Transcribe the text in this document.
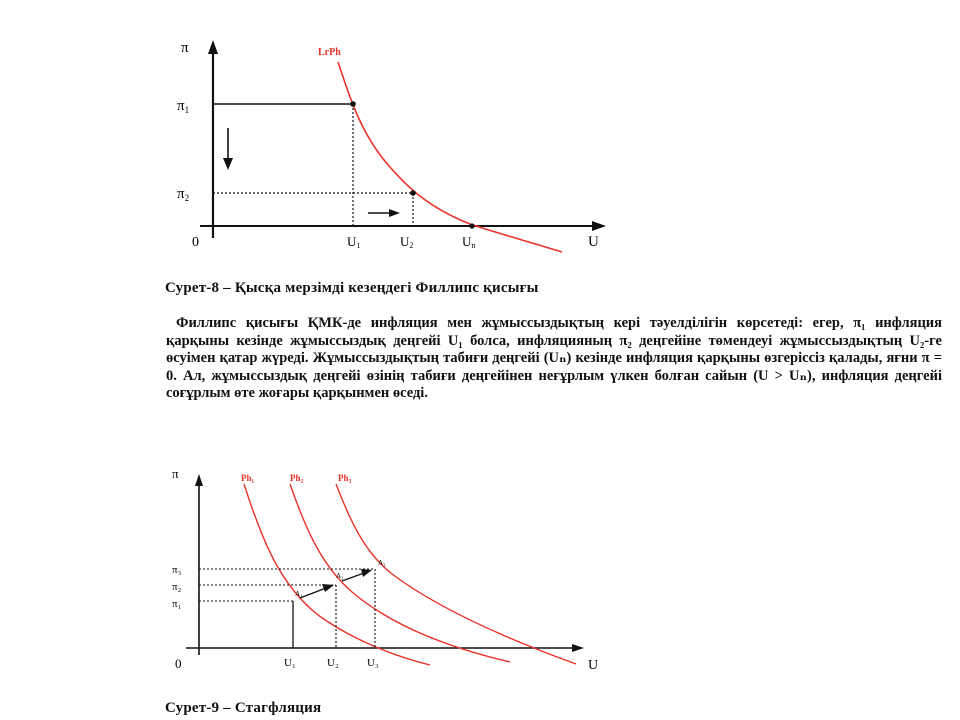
LrPh
π
$\pi_1$
$\pi_2$
0	U1	U2	Un	U
Сурет-8 – Қысқа мерзімді кезеңдегі Филлипс қисығы

Филлипс қисығы ҚМК-де инфляция мен жұмыссыздықтың кері тәуелділігін көрсетеді: егер, π₁ инфляция қарқыны кезінде жұмыссыздық деңгейі U₁ болса, инфляцияның π₂ деңгейіне төмендеуі жұмыссыздықтың U₂-ге өсуімен қатар жүреді. Жұмыссыздықтың табиғи деңгейі (Uₙ) кезінде инфляция қарқыны өзгеріссіз қалады, яғни π = 0. Ал, жұмыссыздық деңгейі өзінің табиғи деңгейінен неғұрлым үлкен болған сайын (U > Uₙ), инфляция деңгейі соғұрлым өте жоғары қарқынмен өседі.

Ph₁	Ph₂	Ph₃
A₁
A₂
A₃
π
π₃
π₂
π₁
0	U₁	U₂	U₃	U
Сурет-9 – Стагфляция
